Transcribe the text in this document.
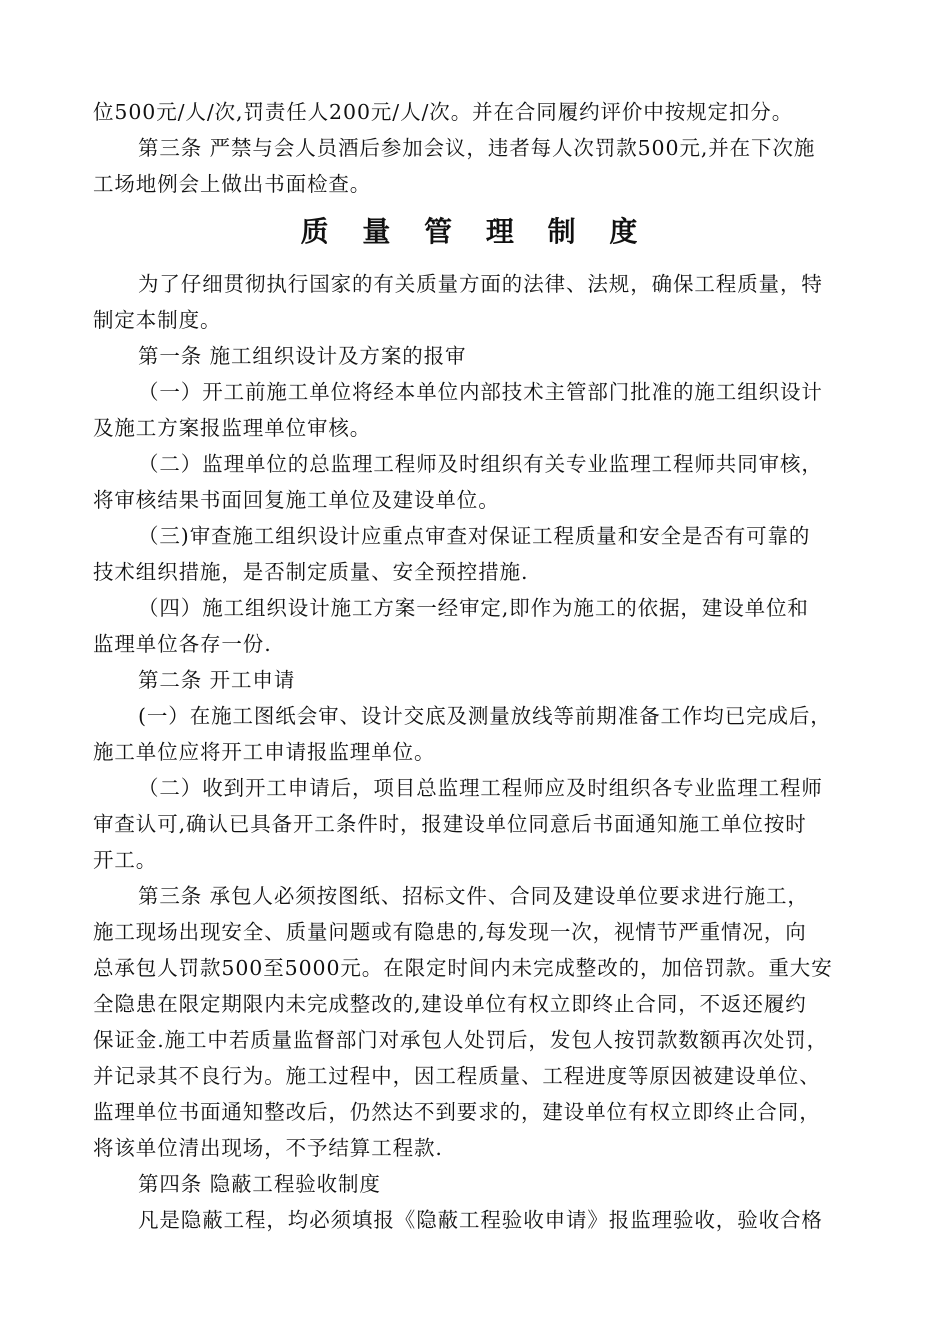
位500元/人/次,罚责任人200元/人/次。并在合同履约评价中按规定扣分。
第三条 严禁与会人员酒后参加会议，违者每人次罚款500元,并在下次施
工场地例会上做出书面检查。
质 量 管 理 制 度
为了仔细贯彻执行国家的有关质量方面的法律、法规，确保工程质量，特
制定本制度。
第一条 施工组织设计及方案的报审
（一）开工前施工单位将经本单位内部技术主管部门批准的施工组织设计
及施工方案报监理单位审核。
（二）监理单位的总监理工程师及时组织有关专业监理工程师共同审核，
将审核结果书面回复施工单位及建设单位。
（三)审查施工组织设计应重点审查对保证工程质量和安全是否有可靠的
技术组织措施，是否制定质量、安全预控措施.
（四）施工组织设计施工方案一经审定,即作为施工的依据，建设单位和
监理单位各存一份.
第二条 开工申请
(一）在施工图纸会审、设计交底及测量放线等前期准备工作均已完成后，
施工单位应将开工申请报监理单位。
（二）收到开工申请后，项目总监理工程师应及时组织各专业监理工程师
审查认可,确认已具备开工条件时，报建设单位同意后书面通知施工单位按时
开工。
第三条 承包人必须按图纸、招标文件、合同及建设单位要求进行施工，
施工现场出现安全、质量问题或有隐患的,每发现一次，视情节严重情况，向
总承包人罚款500至5000元。在限定时间内未完成整改的，加倍罚款。重大安
全隐患在限定期限内未完成整改的,建设单位有权立即终止合同，不返还履约
保证金.施工中若质量监督部门对承包人处罚后，发包人按罚款数额再次处罚，
并记录其不良行为。施工过程中，因工程质量、工程进度等原因被建设单位、
监理单位书面通知整改后，仍然达不到要求的，建设单位有权立即终止合同，
将该单位清出现场，不予结算工程款.
第四条 隐蔽工程验收制度
凡是隐蔽工程，均必须填报《隐蔽工程验收申请》报监理验收，验收合格
